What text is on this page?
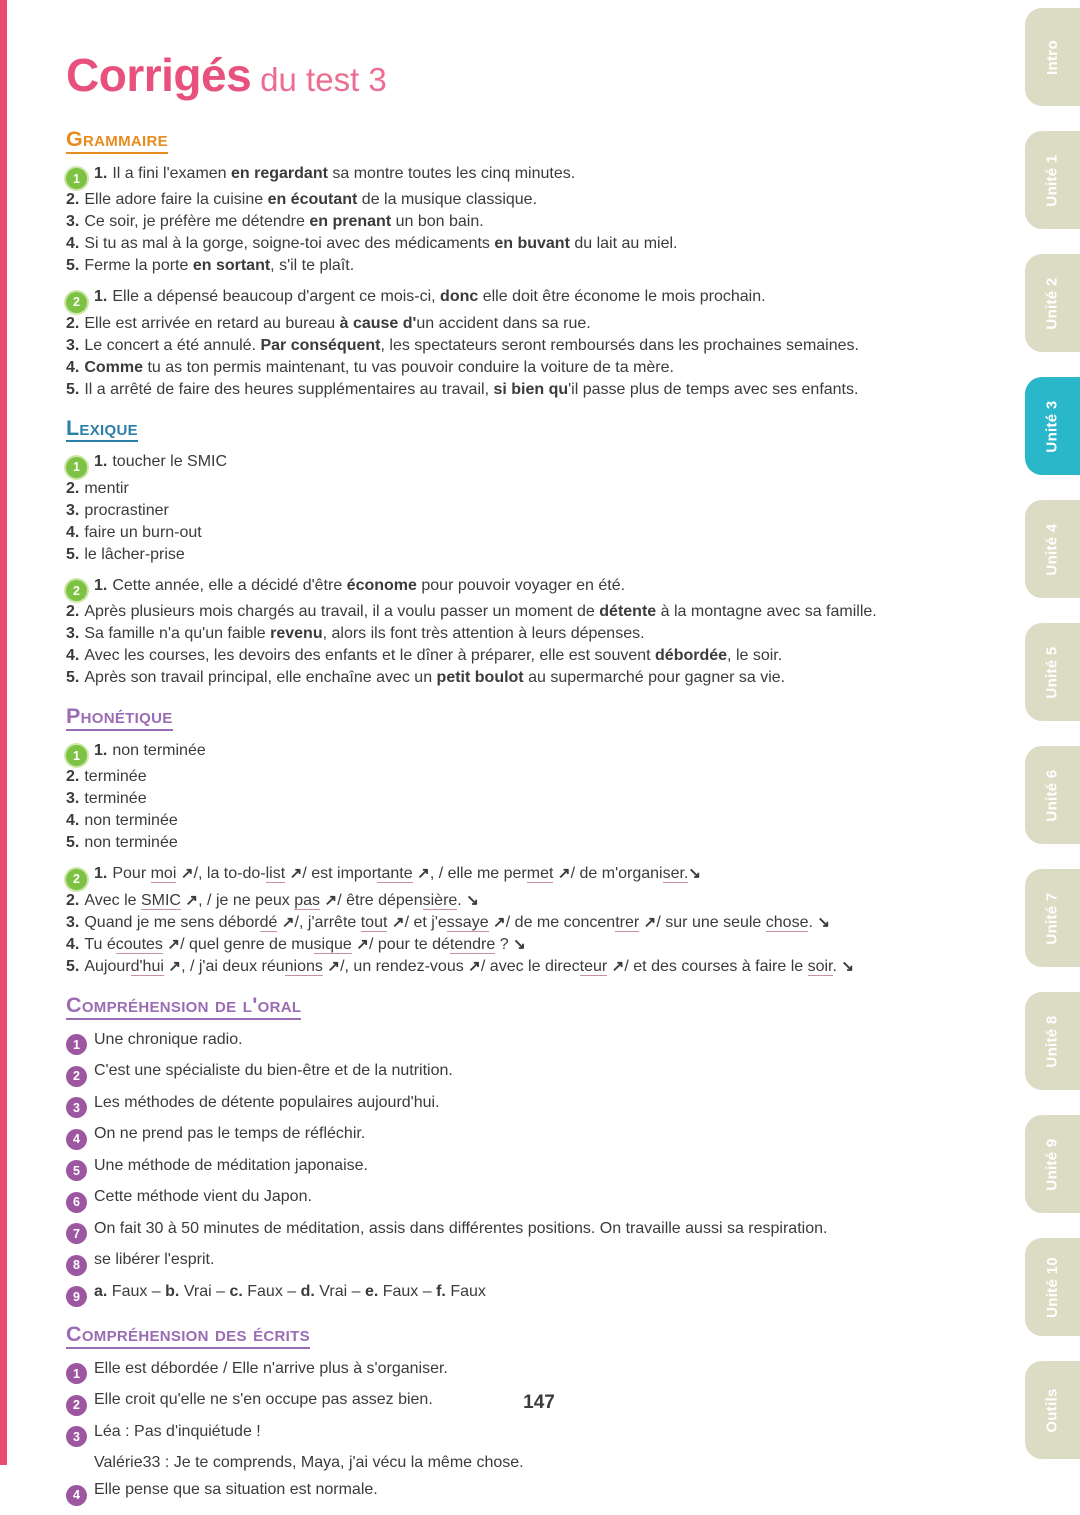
Corrigés du test 3
Grammaire
1 1. Il a fini l'examen en regardant sa montre toutes les cinq minutes.
2. Elle adore faire la cuisine en écoutant de la musique classique.
3. Ce soir, je préfère me détendre en prenant un bon bain.
4. Si tu as mal à la gorge, soigne-toi avec des médicaments en buvant du lait au miel.
5. Ferme la porte en sortant, s'il te plaît.
2 1. Elle a dépensé beaucoup d'argent ce mois-ci, donc elle doit être économe le mois prochain.
2. Elle est arrivée en retard au bureau à cause d'un accident dans sa rue.
3. Le concert a été annulé. Par conséquent, les spectateurs seront remboursés dans les prochaines semaines.
4. Comme tu as ton permis maintenant, tu vas pouvoir conduire la voiture de ta mère.
5. Il a arrêté de faire des heures supplémentaires au travail, si bien qu'il passe plus de temps avec ses enfants.
Lexique
1 1. toucher le SMIC
2. mentir
3. procrastiner
4. faire un burn-out
5. le lâcher-prise
2 1. Cette année, elle a décidé d'être économe pour pouvoir voyager en été.
2. Après plusieurs mois chargés au travail, il a voulu passer un moment de détente à la montagne avec sa famille.
3. Sa famille n'a qu'un faible revenu, alors ils font très attention à leurs dépenses.
4. Avec les courses, les devoirs des enfants et le dîner à préparer, elle est souvent débordée, le soir.
5. Après son travail principal, elle enchaîne avec un petit boulot au supermarché pour gagner sa vie.
Phonétique
1 1. non terminée
2. terminée
3. terminée
4. non terminée
5. non terminée
2 1. Pour moi ↗/, la to-do-list ↗/ est importante ↗, / elle me permet ↗/ de m'organiser.↘
2. Avec le SMIC ↗, / je ne peux pas ↗/ être dépensière. ↘
3. Quand je me sens débordé ↗/, j'arrête tout ↗/ et j'essaye ↗/ de me concentrer ↗/ sur une seule chose. ↘
4. Tu écoutes ↗/ quel genre de musique ↗/ pour te détendre ? ↘
5. Aujourd'hui ↗, / j'ai deux réunions ↗/, un rendez-vous ↗/ avec le directeur ↗/ et des courses à faire le soir. ↘
Compréhension de l'oral
1 Une chronique radio.
2 C'est une spécialiste du bien-être et de la nutrition.
3 Les méthodes de détente populaires aujourd'hui.
4 On ne prend pas le temps de réfléchir.
5 Une méthode de méditation japonaise.
6 Cette méthode vient du Japon.
7 On fait 30 à 50 minutes de méditation, assis dans différentes positions. On travaille aussi sa respiration.
8 se libérer l'esprit.
9 a. Faux – b. Vrai – c. Faux – d. Vrai – e. Faux – f. Faux
Compréhension des écrits
1 Elle est débordée / Elle n'arrive plus à s'organiser.
2 Elle croit qu'elle ne s'en occupe pas assez bien.
3 Léa : Pas d'inquiétude !
Valérie33 : Je te comprends, Maya, j'ai vécu la même chose.
4 Elle pense que sa situation est normale.
147
Intro
Unité 1
Unité 2
Unité 3
Unité 4
Unité 5
Unité 6
Unité 7
Unité 8
Unité 9
Unité 10
Outils
